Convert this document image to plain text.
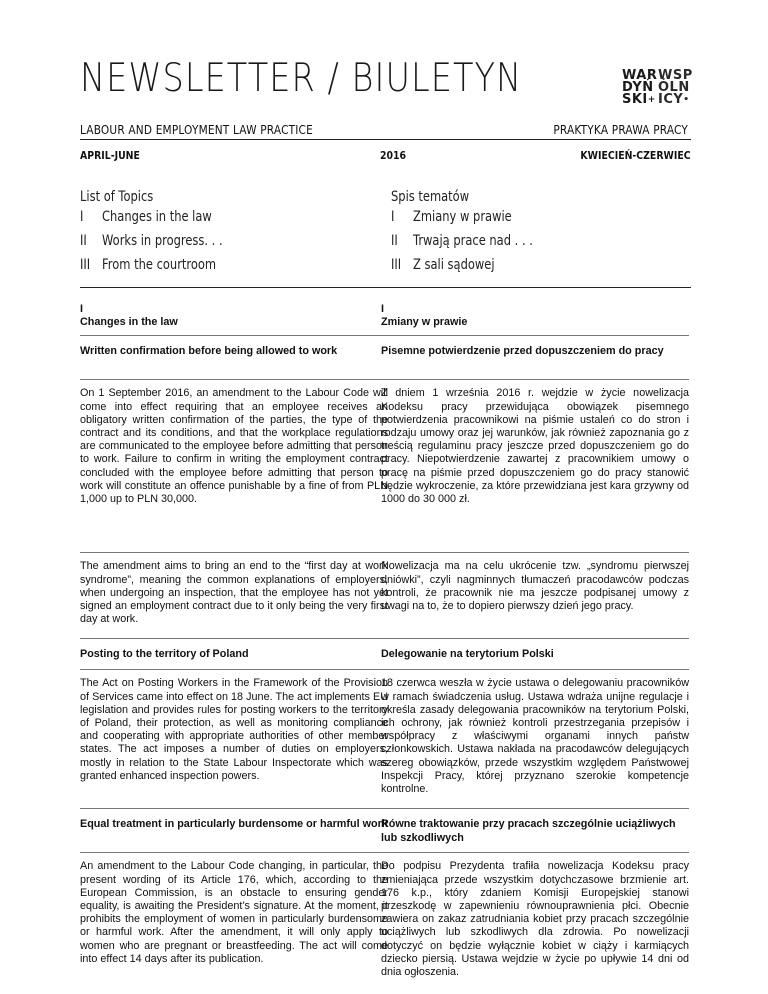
NEWSLETTER / BIULETYN	WAR
DYŃ
SKI+
WSP
ÓLN
ICY•
LABOUR AND EMPLOYMENT LAW PRACTICE	PRAKTYKA PRAWA PRACY
APRIL-JUNE	2016	KWIECIEŃ-CZERWIEC
List of Topics
I Changes in the law
II Works in progress. . .
III From the courtroom
Spis tematów
I Zmiany w prawie
II Trwają prace nad . . .
III Z sali sądowej
I
Changes in the law
Written confirmation before being allowed to work

On 1 September 2016, an amendment to the Labour Code will come into effect requiring that an employee receives an obligatory written confirmation of the parties, the type of the contract and its conditions, and that the workplace regulations are communicated to the employee before admitting that person to work. Failure to confirm in writing the employment contract concluded with the employee before admitting that person to work will constitute an offence punishable by a fine of from PLN 1,000 up to PLN 30,000.

The amendment aims to bring an end to the “first day at work syndrome”, meaning the common explanations of employers, when undergoing an inspection, that the employee has not yet signed an employment contract due to it only being the very first day at work.

Posting to the territory of Poland

The Act on Posting Workers in the Framework of the Provision of Services came into effect on 18 June. The act implements EU legislation and provides rules for posting workers to the territory of Poland, their protection, as well as monitoring compliance and cooperating with appropriate authorities of other member states. The act imposes a number of duties on employers, mostly in relation to the State Labour Inspectorate which was granted enhanced inspection powers.

Equal treatment in particularly burdensome or harmful work

An amendment to the Labour Code changing, in particular, the present wording of its Article 176, which, according to the European Commission, is an obstacle to ensuring gender equality, is awaiting the President’s signature. At the moment, it prohibits the employment of women in particularly burdensome or harmful work. After the amendment, it will only apply to women who are pregnant or breastfeeding. The act will come into effect 14 days after its publication.

I
Zmiany w prawie
Pisemne potwierdzenie przed dopuszczeniem do pracy

Z dniem 1 września 2016 r. wejdzie w życie nowelizacja Kodeksu pracy przewidująca obowiązek pisemnego potwierdzenia pracownikowi na piśmie ustaleń co do stron i rodzaju umowy oraz jej warunków, jak również zapoznania go z treścią regulaminu pracy jeszcze przed dopuszczeniem go do pracy. Niepotwierdzenie zawartej z pracownikiem umowy o pracę na piśmie przed dopuszczeniem go do pracy stanowić będzie wykroczenie, za które przewidziana jest kara grzywny od 1000 do 30 000 zł.

Nowelizacja ma na celu ukrócenie tzw. „syndromu pierwszej dniówki”, czyli nagminnych tłumaczeń pracodawców podczas kontroli, że pracownik nie ma jeszcze podpisanej umowy z uwagi na to, że to dopiero pierwszy dzień jego pracy.

Delegowanie na terytorium Polski

18 czerwca weszła w życie ustawa o delegowaniu pracowników w ramach świadczenia usług. Ustawa wdraża unijne regulacje i określa zasady delegowania pracowników na terytorium Polski, ich ochrony, jak również kontroli przestrzegania przepisów i współpracy z właściwymi organami innych państw członkowskich. Ustawa nakłada na pracodawców delegujących szereg obowiązków, przede wszystkim względem Państwowej Inspekcji Pracy, której przyznano szerokie kompetencje kontrolne.

Równe traktowanie przy pracach szczególnie uciążliwych lub szkodliwych

Do podpisu Prezydenta trafiła nowelizacja Kodeksu pracy zmieniająca przede wszystkim dotychczasowe brzmienie art. 176 k.p., który zdaniem Komisji Europejskiej stanowi przeszkodę w zapewnieniu równouprawnienia płci. Obecnie zawiera on zakaz zatrudniania kobiet przy pracach szczególnie uciążliwych lub szkodliwych dla zdrowia. Po nowelizacji dotyczyć on będzie wyłącznie kobiet w ciąży i karmiących dziecko piersią. Ustawa wejdzie w życie po upływie 14 dni od dnia ogłoszenia.
